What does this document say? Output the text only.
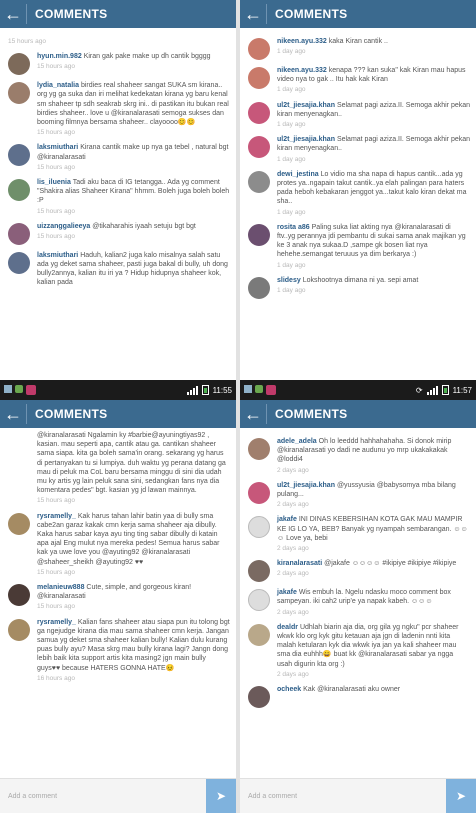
←	COMMENTS
15 hours ago
hyun.min.982 Kiran gak pake make up dh cantik bgggg
15 hours ago
lydia_natalia birdies real shaheer sangat SUKA sm kirana.. org yg ga suka dan iri melihat kedekatan kirana yg baru kenal sm shaheer tp sdh seakrab skrg ini.. di pastikan itu bukan real birdies shaheer.. love u @kiranalarasati semoga sukses dan booming filmnya bersama shaheer.. clayoooo😊😊
15 hours ago
laksmiuthari Kirana cantik make up nya ga tebel , natural bgt @kiranalarasati
15 hours ago
lis_iluenia Tadi aku baca di IG tetangga.. Ada yg comment "Shakira alias Shaheer Kirana" hhmm. Boleh juga boleh boleh :P
15 hours ago
uizzanggalieeya @tikaharahis iyaah setuju bgt bgt
15 hours ago
laksmiuthari Haduh, kalian2 juga kalo misalnya salah satu ada yg deket sama shaheer, pasti juga bakal di bully, uh dong bully2annya, kalian itu iri ya ? Hidup hidupnya shaheer kok, kalian pada
←	COMMENTS
nikeen.ayu.332 kaka Kiran cantik ..
1 day ago
nikeen.ayu.332 kenapa ??? kan suka" kak Kiran mau hapus video nya to gak .. Itu hak kak Kiran
1 day ago
ul2t_jiesajia.khan Selamat pagi aziza.II. Semoga akhir pekan kiran menyenagkan..
1 day ago
ul2t_jiesajia.khan Selamat pagi aziza.II. Semoga akhir pekan kiran menyenagkan..
1 day ago
dewi_jestina Lo vidio ma sha napa di hapus cantik...ada yg protes ya..ngapain takut cantik..ya elah palingan para haters pada heboh kebakaran jenggot ya...takut kalo kiran dekat ma sha..
1 day ago
rosita a86 Paling suka liat akting nya @kiranalarasati di ftv..yg perannya jdi pembantu di sukai sama anak majikan yg ke 3 anak nya sukaa.D ,sampe gk bosen liat nya hehehe.semangat teruuus ya dim berkarya :)
1 day ago
slidesy Lokshootnya dimana ni ya. sepi amat
1 day ago
11:55	⟳	11:57
←	COMMENTS
@kiranalarasati Ngalamin ky #barbie@ayuningtiyas92 , kasian. mau seperti apa, cantik atau ga. cantikan shaheer sama siapa. kita ga boleh sama'in orang. sekarang yg harus di pertanyakan tu si lumpiya. duh waktu yg perana datang ga mau di peluk ma CoL baru bersama minggu di sini dia udah mu ky artis yg lain peluk sana sini, sedangkan fans nya dia komentara pedes" bgt. kasian yg jd lawan mainnya.
15 hours ago
rysramelly_ Kak harus tahan lahir batin yaa di bully sma cabe2an garaz kakak cmn kerja sama shaheer aja dibully. Kaka harus sabar kaya ayu ting ting sabar dibully di katain apa ajal Eng mulut nya mereka pedes! Semua harus sabar kak ya uwe love you @ayuting92 @kiranalarasati @shaheer_sheikh @ayuting92 ♥♥
15 hours ago
melanieuw888 Cute, simple, and gorgeous kiran! @kiranalarasati
15 hours ago
rysramelly_ Kalian fans shaheer atau siapa pun itu tolong bgt ga ngejudge kirana dia mau sama shaheer cmn kerja. Jangan samua yg deket sma shaheer kalian bully! Kalian dulu kurang puas bully ayu? Masa skrg mau bully kirana lagi? Jangn dong lebih baik kita support artis kita masing2 jgn main bully guys♥♥ because HATERS GONNA HATE😣
16 hours ago
Add a comment	➤
←	COMMENTS
adele_adela Oh lo leeddd hahhahahaha. Si donok mirip @kiranalarasati yo dadi ne audunu yo mrp ukakakakak @loddi4
2 days ago
ul2t_jiesajia.khan @yussyusia @babysomya mba bilang pulang...
2 days ago
jakafe INI DINAS KEBERSIHAN KOTA GAK MAU MAMPIR KE IG LO YA, BEB? Banyak yg nyampah sembarangan. ☺☺☺ Love ya, bebi
2 days ago
kiranalarasati @jakafe ☺☺☺☺ #ikipiye #ikipiye #ikipiye
2 days ago
jakafe Wis embuh la. Ngelu ndasku moco comment box sampeyan. iki cah2 urip'e ya napak kabeh. ☺☺☺
2 days ago
dealdr Udhlah biarin aja dia, org gila yg ngku" pcr shaheer wkwk klo org kyk gitu ketauan aja jgn di ladenin nnti kita malah ketularan kyk dia wkwk iya jan ya kali shaheer mau sma dia euhhh😄 buat kk @kiranalarasati sabar ya ngga usah digurin kta org :)
2 days ago
ocheek Kak @kiranalarasati aku owner
Add a comment	➤
